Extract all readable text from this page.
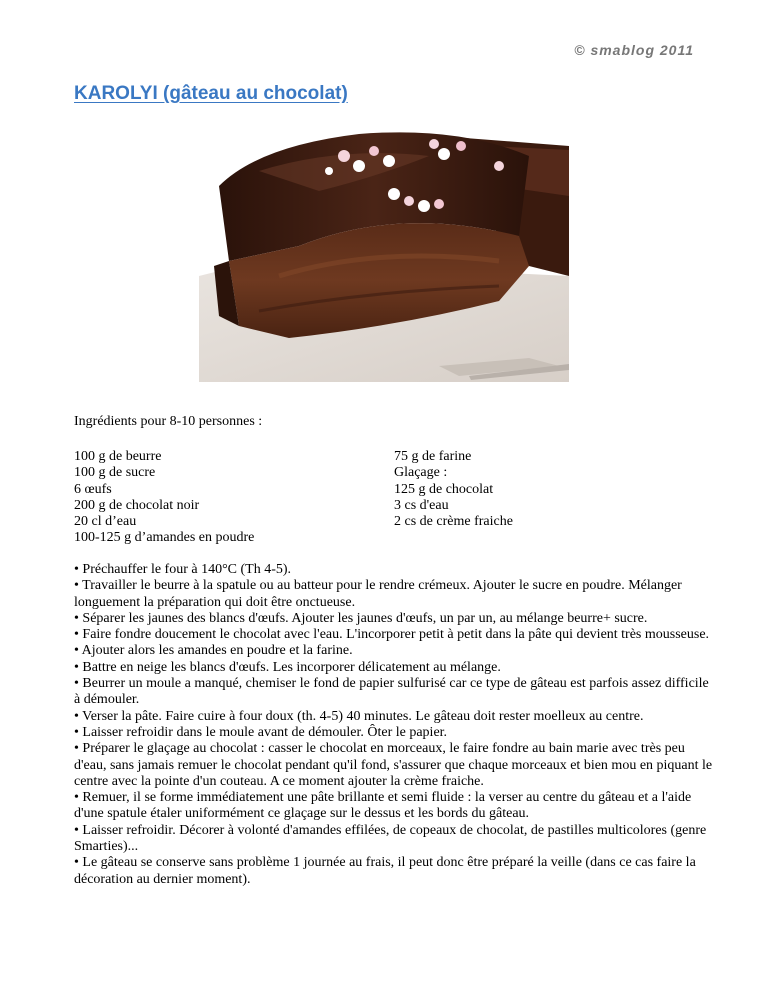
© smablog 2011
KAROLYI (gâteau au chocolat)
Ingrédients pour 8-10 personnes :
100 g de beurre
100 g de sucre
6 œufs
200 g de chocolat noir
20 cl d’eau
100-125 g d’amandes en poudre
75 g de farine
Glaçage :
125 g de chocolat
3 cs d'eau
2 cs de crème fraiche
• Préchauffer le four à 140°C (Th 4-5).
• Travailler le beurre à la spatule ou au batteur pour le rendre crémeux. Ajouter le sucre en poudre. Mélanger longuement la préparation qui doit être onctueuse.
• Séparer les jaunes des blancs d'œufs. Ajouter les jaunes d'œufs, un par un, au mélange beurre+ sucre.
• Faire fondre doucement le chocolat avec l'eau. L'incorporer petit à petit dans la pâte qui devient très mousseuse.
• Ajouter alors les amandes en poudre et la farine.
• Battre en neige les blancs d'œufs. Les incorporer délicatement au mélange.
• Beurrer un moule a manqué, chemiser le fond de papier sulfurisé car ce type de gâteau est parfois assez difficile à démouler.
• Verser la pâte. Faire cuire à four doux (th. 4-5) 40 minutes. Le gâteau doit rester moelleux au centre.
• Laisser refroidir dans le moule avant de démouler. Ôter le papier.
• Préparer le glaçage au chocolat : casser le chocolat en morceaux, le faire fondre au bain marie avec très peu d'eau, sans jamais remuer le chocolat pendant qu'il fond, s'assurer que chaque morceaux et bien mou en piquant le centre avec la pointe d'un couteau. A ce moment ajouter la crème fraiche.
• Remuer, il se forme immédiatement une pâte brillante et semi fluide : la verser au centre du gâteau et a l'aide d'une spatule étaler uniformément ce glaçage sur le dessus et les bords du gâteau.
• Laisser refroidir. Décorer à volonté d'amandes effilées, de copeaux de chocolat, de pastilles multicolores (genre Smarties)...
• Le gâteau se conserve sans problème 1 journée au frais, il peut donc être préparé la veille (dans ce cas faire la décoration au dernier moment).
